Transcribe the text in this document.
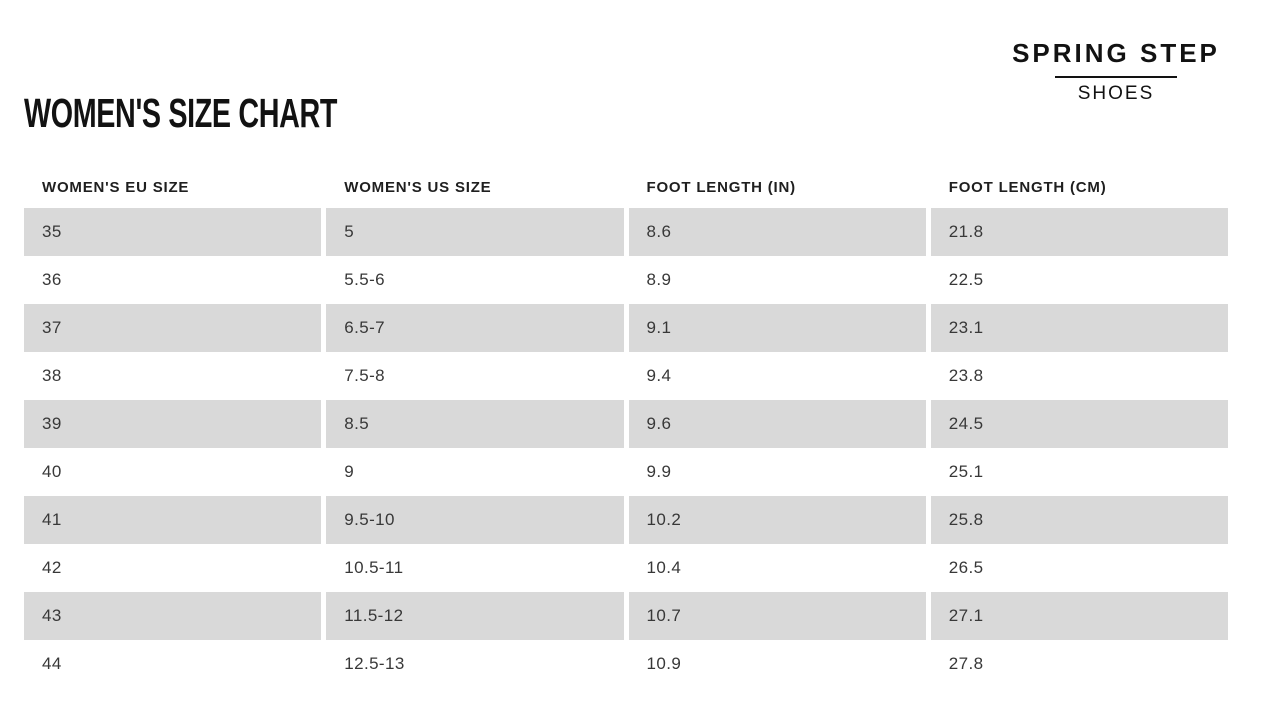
WOMEN'S SIZE CHART
SPRING STEP
SHOES
WOMEN'S EU SIZE	WOMEN'S US SIZE	FOOT LENGTH (IN)	FOOT LENGTH (CM)
35	5	8.6	21.8
36	5.5-6	8.9	22.5
37	6.5-7	9.1	23.1
38	7.5-8	9.4	23.8
39	8.5	9.6	24.5
40	9	9.9	25.1
41	9.5-10	10.2	25.8
42	10.5-11	10.4	26.5
43	11.5-12	10.7	27.1
44	12.5-13	10.9	27.8
